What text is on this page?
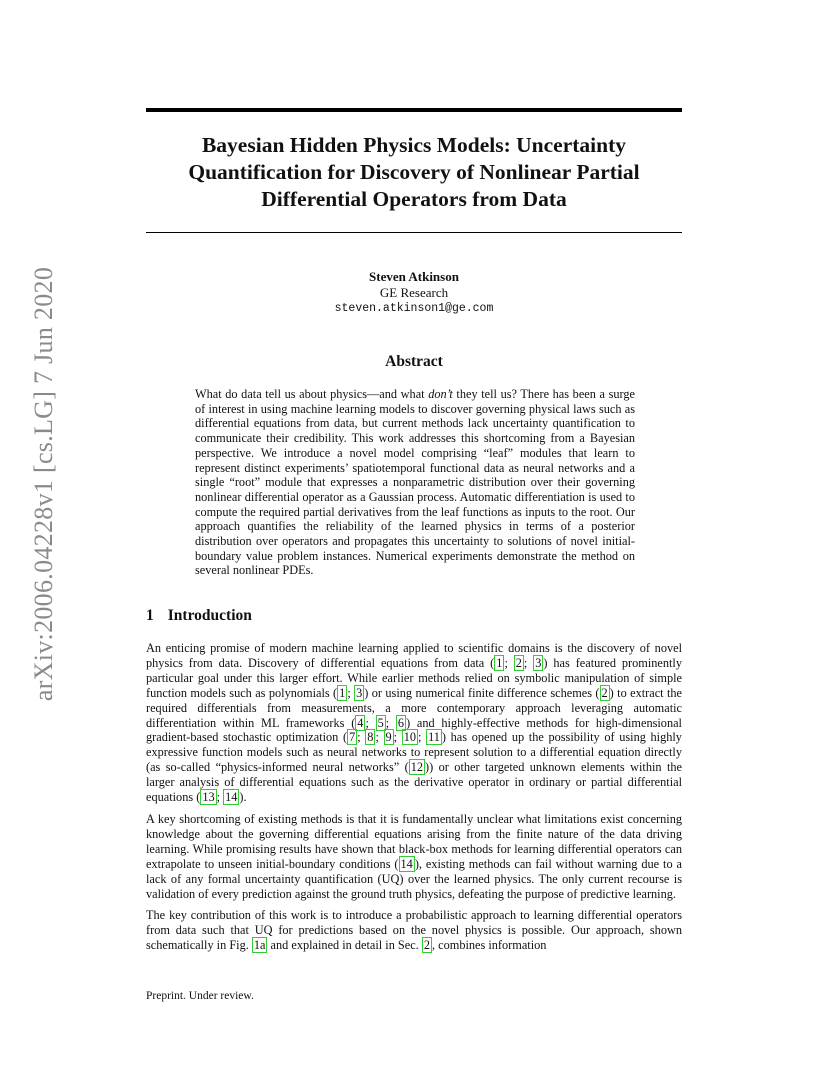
arXiv:2006.04228v1 [cs.LG] 7 Jun 2020
Bayesian Hidden Physics Models: Uncertainty Quantification for Discovery of Nonlinear Partial Differential Operators from Data
Steven Atkinson
GE Research
steven.atkinson1@ge.com
Abstract

What do data tell us about physics—and what don’t they tell us? There has been a surge of interest in using machine learning models to discover governing physical laws such as differential equations from data, but current methods lack uncertainty quantification to communicate their credibility. This work addresses this shortcoming from a Bayesian perspective. We introduce a novel model comprising “leaf” modules that learn to represent distinct experiments’ spatiotemporal functional data as neural networks and a single “root” module that expresses a nonparametric distribution over their governing nonlinear differential operator as a Gaussian process. Automatic differentiation is used to compute the required partial derivatives from the leaf functions as inputs to the root. Our approach quantifies the reliability of the learned physics in terms of a posterior distribution over operators and propagates this uncertainty to solutions of novel initial-boundary value problem instances. Numerical experiments demonstrate the method on several nonlinear PDEs.

1 Introduction

An enticing promise of modern machine learning applied to scientific domains is the discovery of novel physics from data. Discovery of differential equations from data ( 1 ; 2 ; 3 ) has featured prominently particular goal under this larger effort. While earlier methods relied on symbolic manipulation of simple function models such as polynomials ( 1 ; 3 ) or using numerical finite difference schemes ( 2 ) to extract the required differentials from measurements, a more contemporary approach leveraging automatic differentiation within ML frameworks ( 4 ; 5 ; 6 ) and highly-effective methods for high-dimensional gradient-based stochastic optimization ( 7 ; 8 ; 9 ; 10 ; 11 ) has opened up the possibility of using highly expressive function models such as neural networks to represent solution to a differential equation directly (as so-called “physics-informed neural networks” ( 12 )) or other targeted unknown elements within the larger analysis of differential equations such as the derivative operator in ordinary or partial differential equations ( 13 ; 14 ).

A key shortcoming of existing methods is that it is fundamentally unclear what limitations exist concerning knowledge about the governing differential equations arising from the finite nature of the data driving learning. While promising results have shown that black-box methods for learning differential operators can extrapolate to unseen initial-boundary conditions ( 14 ), existing methods can fail without warning due to a lack of any formal uncertainty quantification (UQ) over the learned physics. The only current recourse is validation of every prediction against the ground truth physics, defeating the purpose of predictive learning.

The key contribution of this work is to introduce a probabilistic approach to learning differential operators from data such that UQ for predictions based on the novel physics is possible. Our approach, shown schematically in Fig. 1a and explained in detail in Sec. 2 , combines information

Preprint. Under review.
